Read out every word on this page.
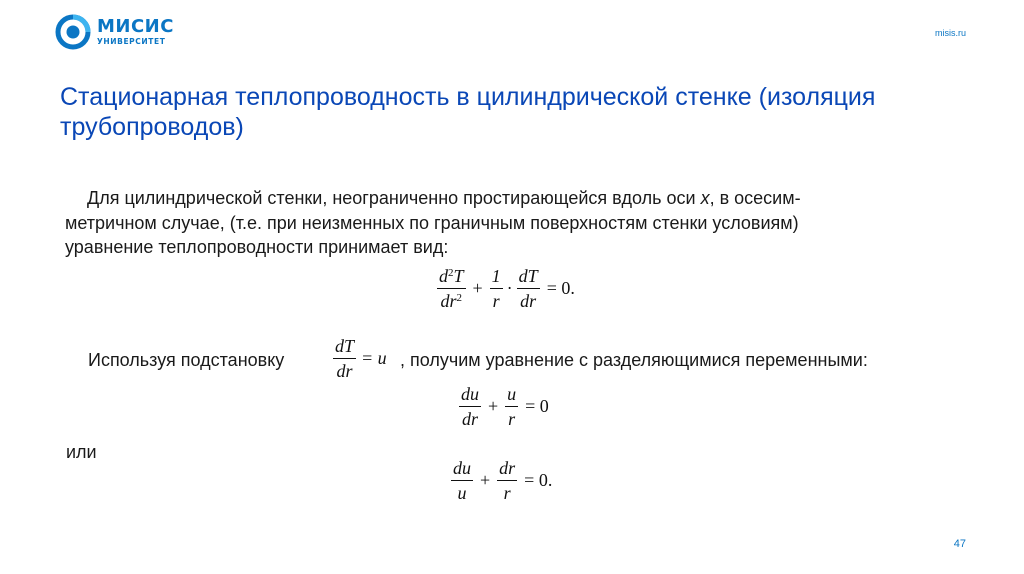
МИСИС
УНИВЕРСИТЕТ
misis.ru
Стационарная теплопроводность в цилиндрической стенке (изоляция трубопроводов)
Для цилиндрической стенки, неограниченно простирающейся вдоль оси x, в осесим-
метричном случае, (т.е. при неизменных по граничным поверхностям стенки условиям)
уравнение теплопроводности принимает вид:
$\frac{d^2T}{dr^2} + \frac{1}{r} \cdot \frac{dT}{dr} = 0$.
Используя подстановку	$\frac{dT}{dr} = u$ , получим уравнение с разделяющимися переменными:
$\frac{du}{dr} + \frac{u}{r} = 0$
или
$\frac{du}{u} + \frac{dr}{r} = 0$.
47
